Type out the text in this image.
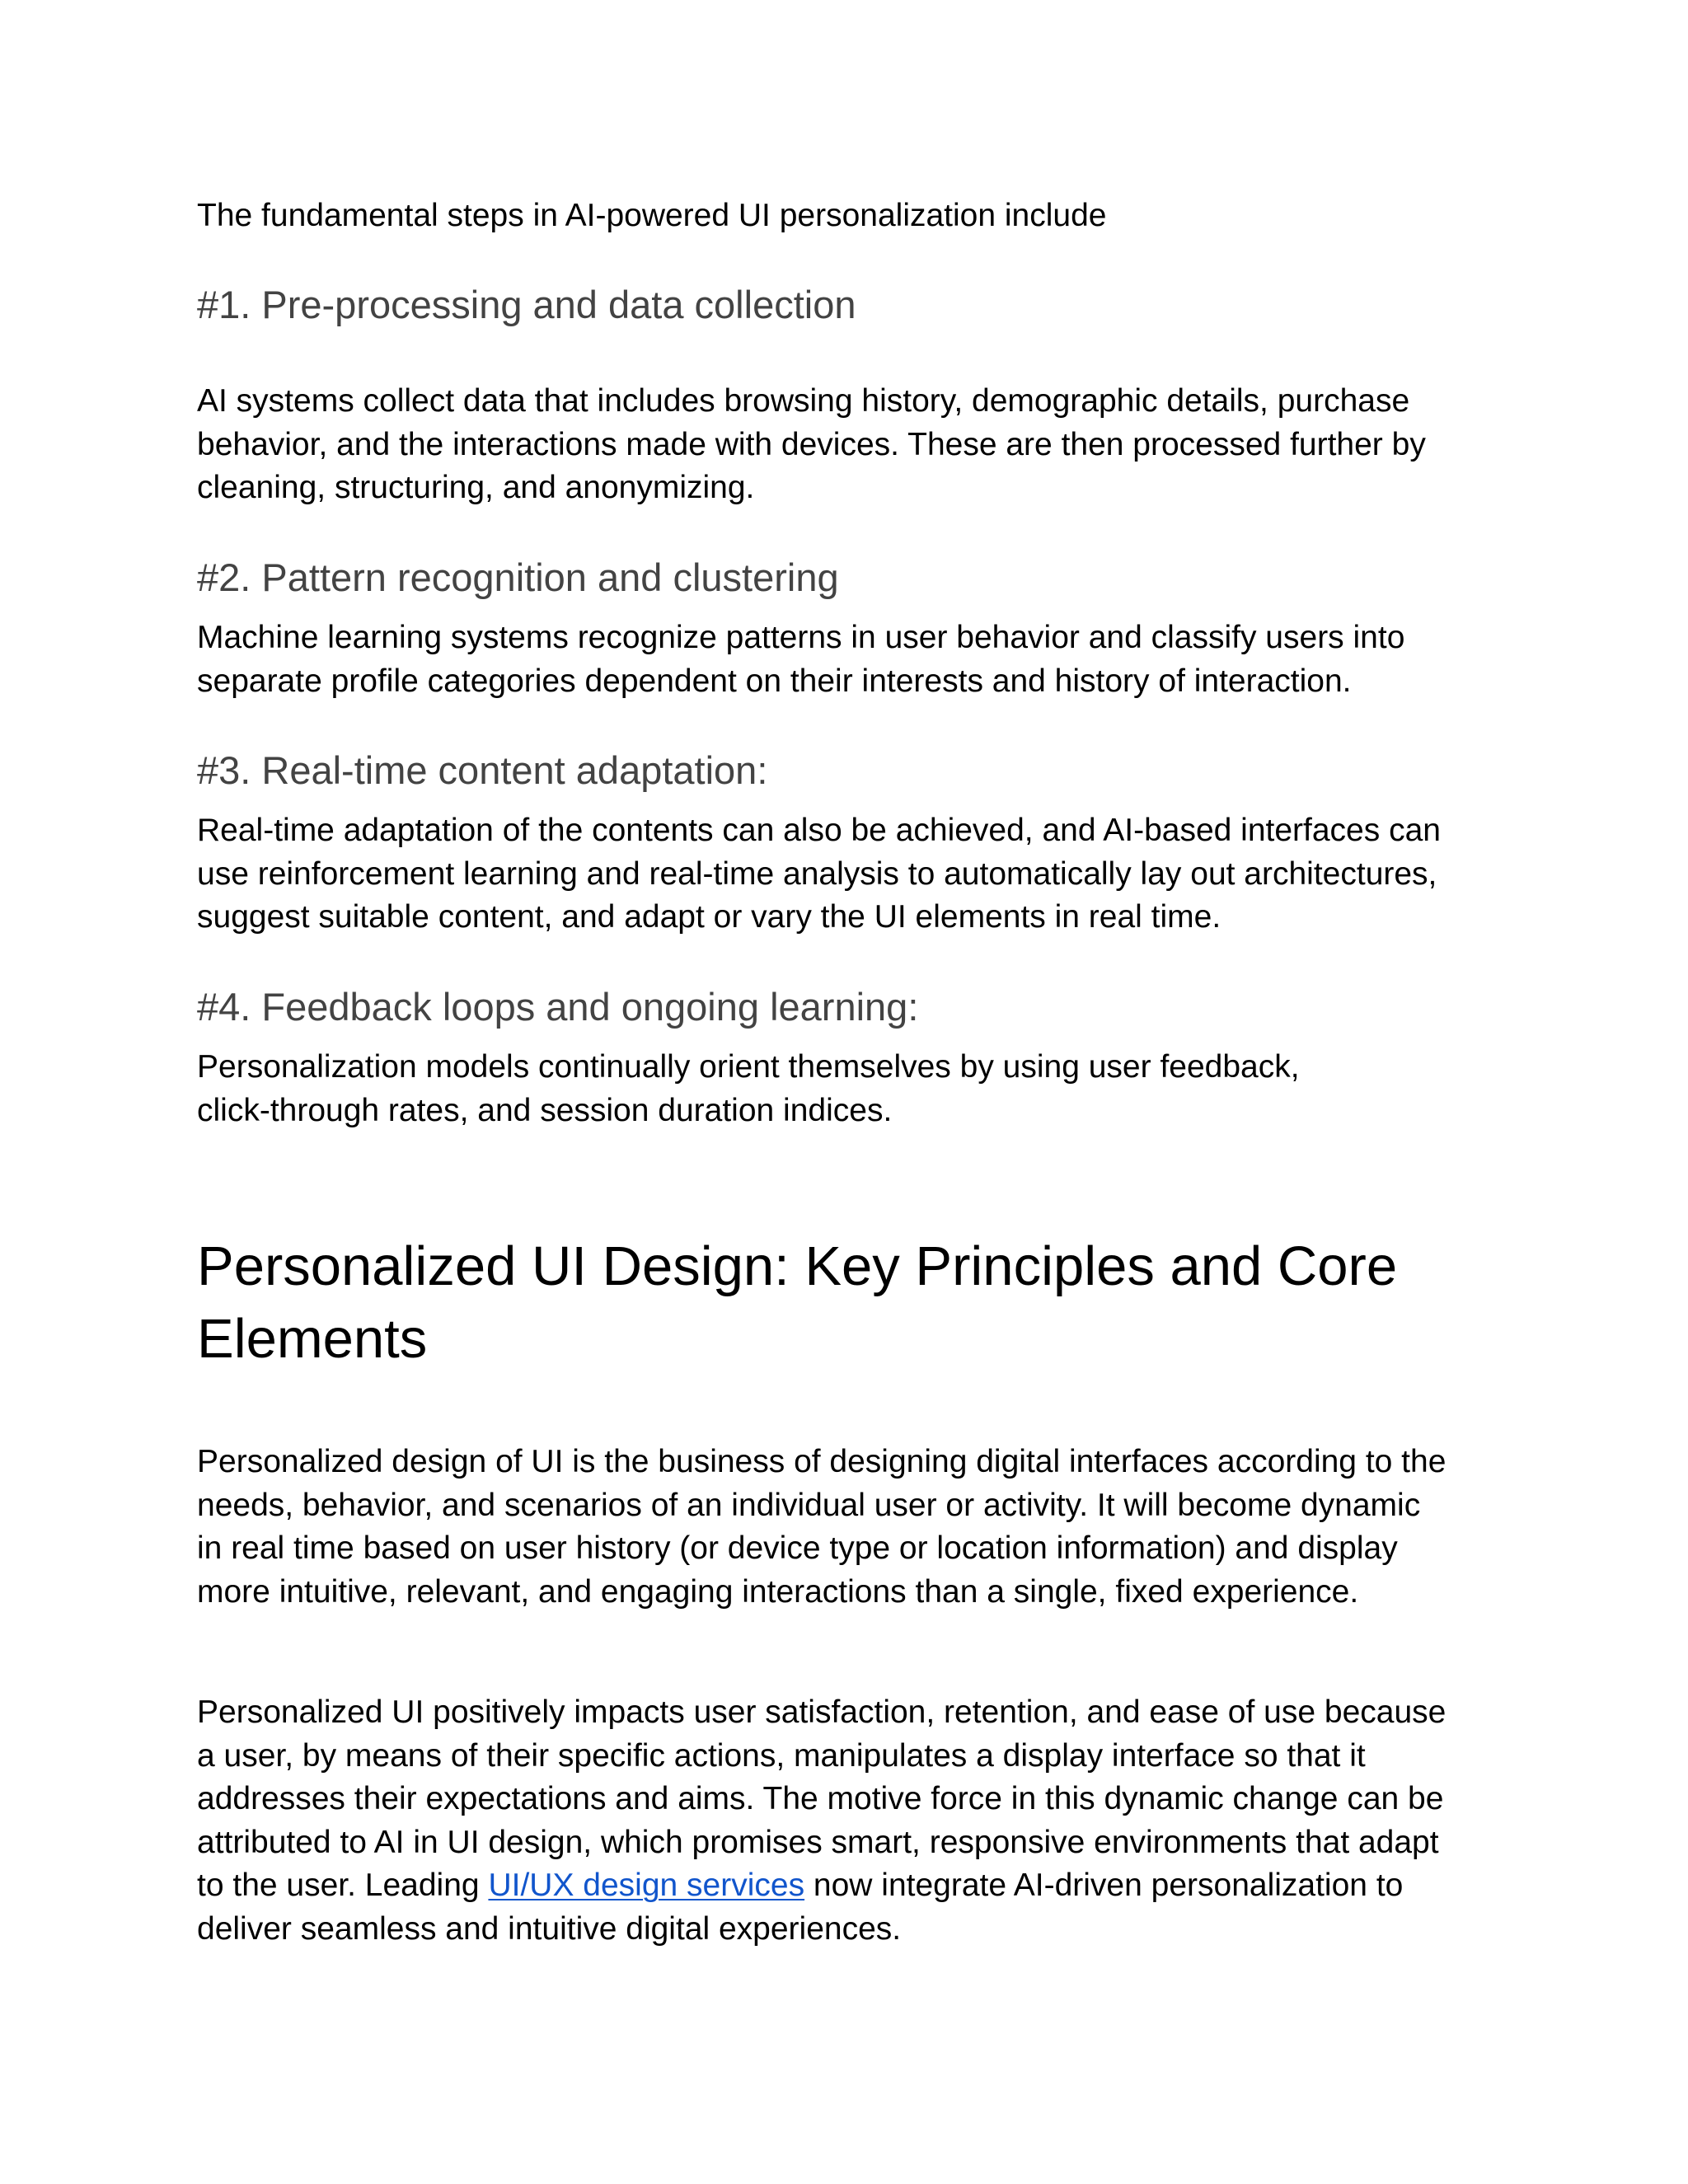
The fundamental steps in AI-powered UI personalization include

#1. Pre-processing and data collection
AI systems collect data that includes browsing history, demographic details, purchase
behavior, and the interactions made with devices. These are then processed further by
cleaning, structuring, and anonymizing.
#2. Pattern recognition and clustering
Machine learning systems recognize patterns in user behavior and classify users into
separate profile categories dependent on their interests and history of interaction.
#3. Real-time content adaptation:
Real-time adaptation of the contents can also be achieved, and AI-based interfaces can
use reinforcement learning and real-time analysis to automatically lay out architectures,
suggest suitable content, and adapt or vary the UI elements in real time.
#4. Feedback loops and ongoing learning:
Personalization models continually orient themselves by using user feedback,
click-through rates, and session duration indices.
Personalized UI Design: Key Principles and Core
Elements
Personalized design of UI is the business of designing digital interfaces according to the
needs, behavior, and scenarios of an individual user or activity. It will become dynamic
in real time based on user history (or device type or location information) and display
more intuitive, relevant, and engaging interactions than a single, fixed experience.
Personalized UI positively impacts user satisfaction, retention, and ease of use because
a user, by means of their specific actions, manipulates a display interface so that it
addresses their expectations and aims. The motive force in this dynamic change can be
attributed to AI in UI design, which promises smart, responsive environments that adapt
to the user. Leading UI/UX design services now integrate AI-driven personalization to
deliver seamless and intuitive digital experiences.
